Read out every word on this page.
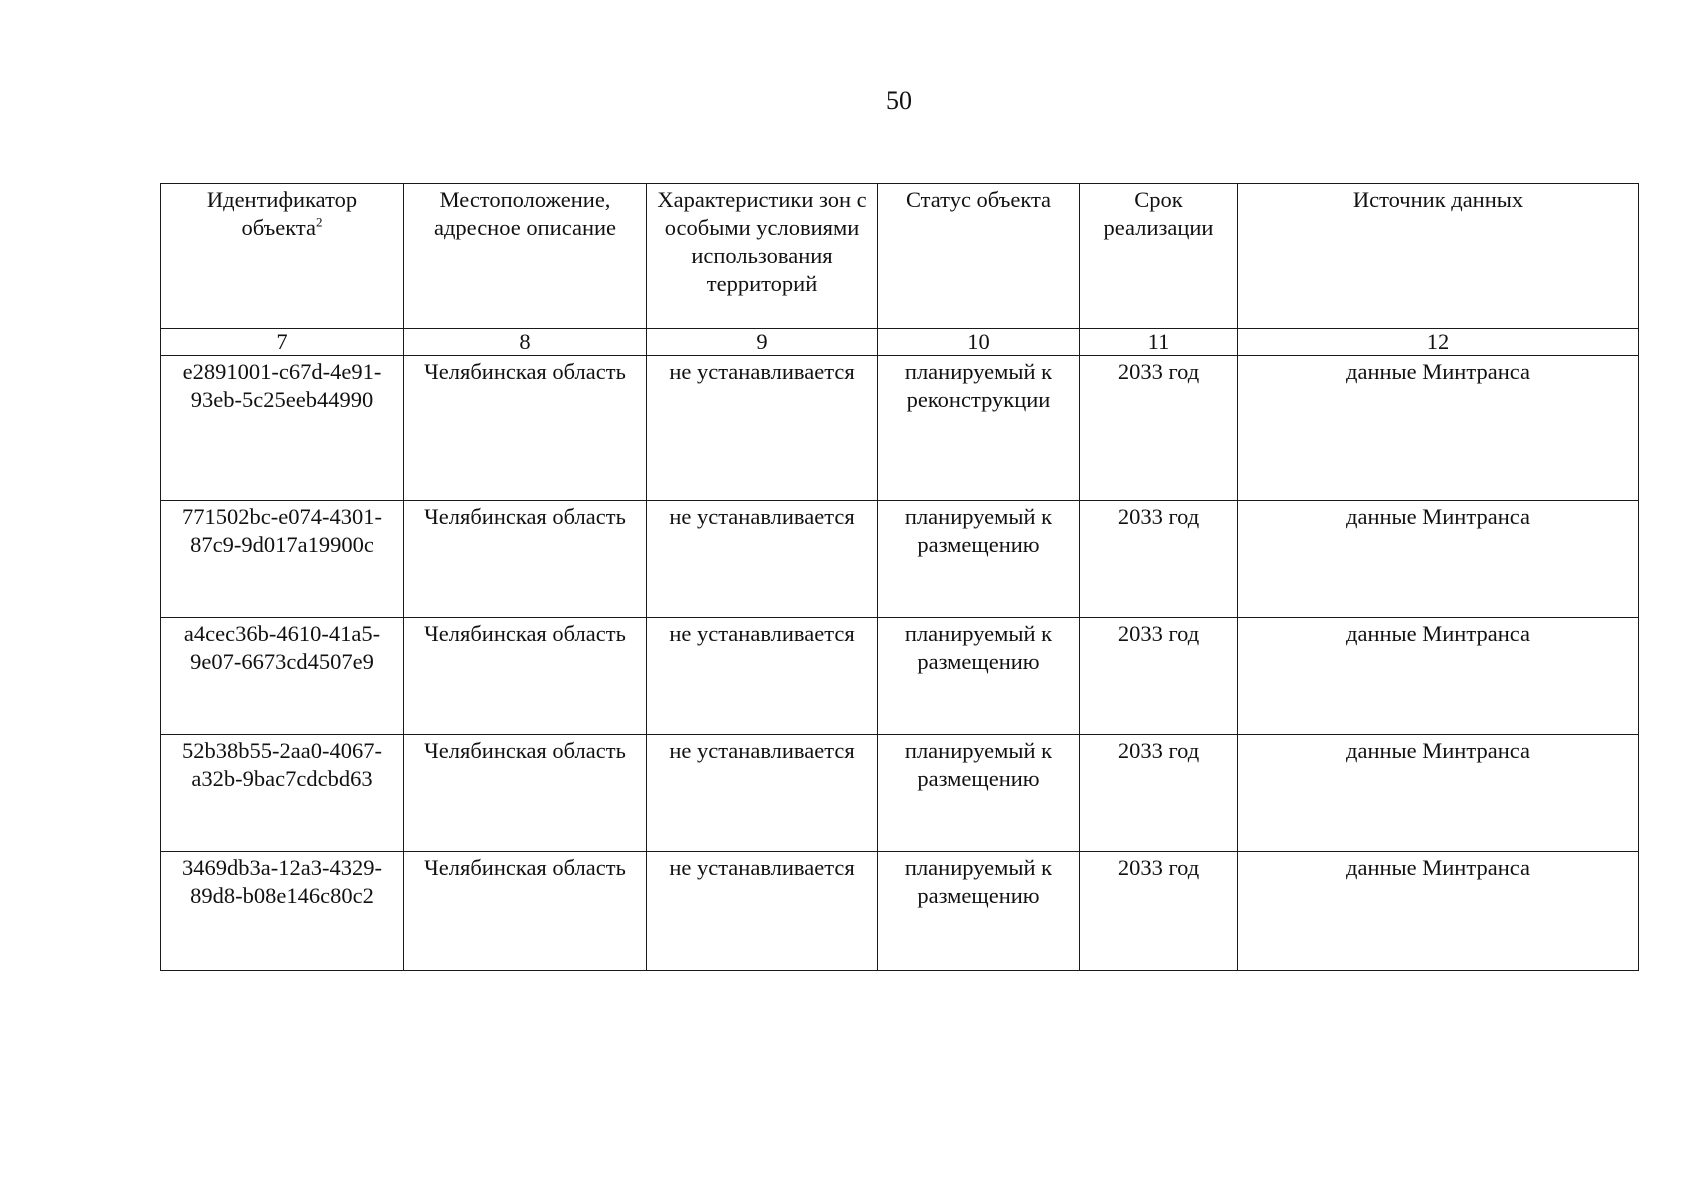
50
Идентификатор объекта$^2$	Местоположение, адресное описание	Характеристики зон с особыми условиями использования территорий	Статус объекта	Срок реализации	Источник данных
7	8	9	10	11	12
e2891001-c67d-4e91-93eb-5c25eeb44990	Челябинская область	не устанавливается	планируемый к реконструкции	2033 год	данные Минтранса
771502bc-e074-4301-87c9-9d017a19900c	Челябинская область	не устанавливается	планируемый к размещению	2033 год	данные Минтранса
a4cec36b-4610-41a5-9e07-6673cd4507e9	Челябинская область	не устанавливается	планируемый к размещению	2033 год	данные Минтранса
52b38b55-2aa0-4067-a32b-9bac7cdcbd63	Челябинская область	не устанавливается	планируемый к размещению	2033 год	данные Минтранса
3469db3a-12a3-4329-89d8-b08e146c80c2	Челябинская область	не устанавливается	планируемый к размещению	2033 год	данные Минтранса
